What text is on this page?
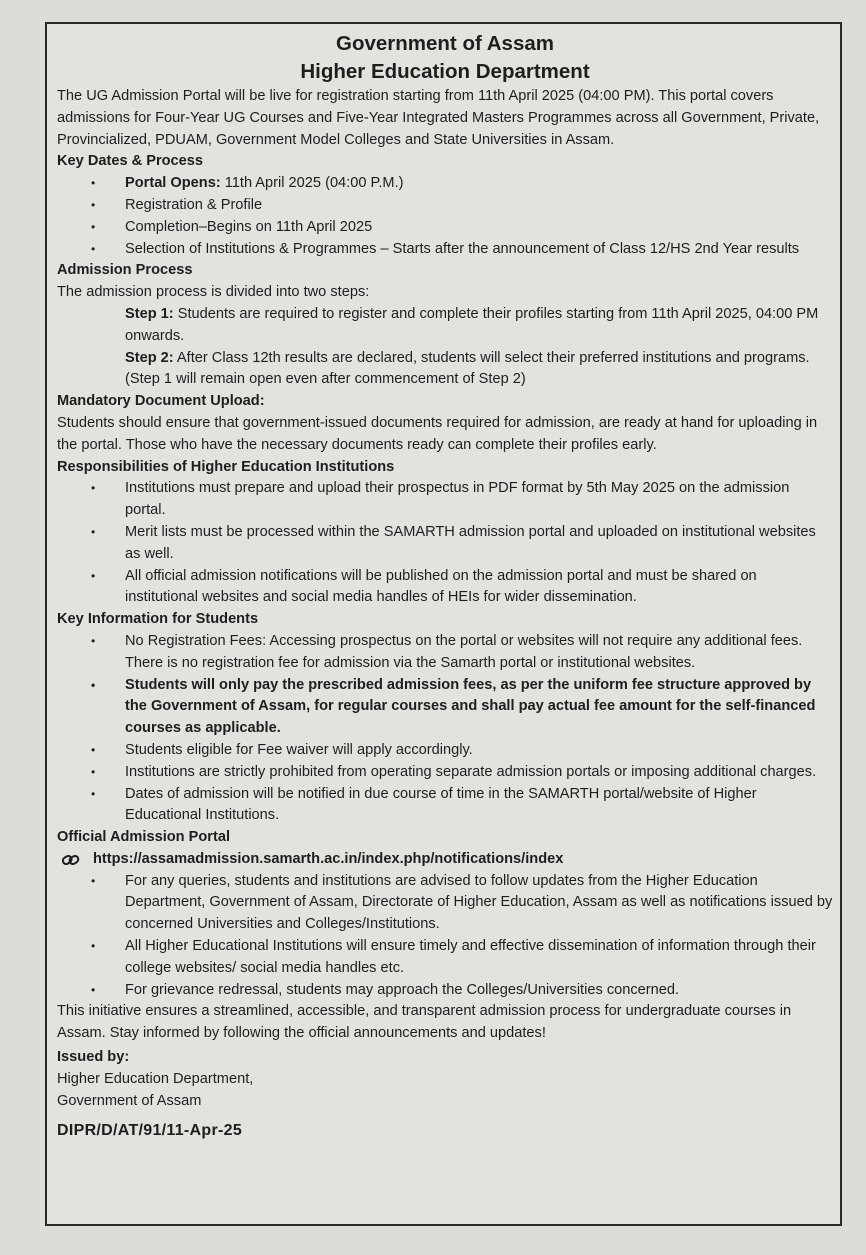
Government of Assam
Higher Education Department

The UG Admission Portal will be live for registration starting from 11th April 2025 (04:00 PM). This portal covers admissions for Four-Year UG Courses and Five-Year Integrated Masters Programmes across all Government, Private, Provincialized, PDUAM, Government Model Colleges and State Universities in Assam.

Key Dates & Process
• Portal Opens: 11th April 2025 (04:00 P.M.)
• Registration & Profile
• Completion–Begins on 11th April 2025
• Selection of Institutions & Programmes – Starts after the announcement of Class 12/HS 2nd Year results
Admission Process

The admission process is divided into two steps:

Step 1: Students are required to register and complete their profiles starting from 11th April 2025, 04:00 PM onwards.

Step 2: After Class 12th results are declared, students will select their preferred institutions and programs. (Step 1 will remain open even after commencement of Step 2)

Mandatory Document Upload:

Students should ensure that government-issued documents required for admission, are ready at hand for uploading in the portal. Those who have the necessary documents ready can complete their profiles early.

Responsibilities of Higher Education Institutions
• Institutions must prepare and upload their prospectus in PDF format by 5th May 2025 on the admission portal.
• Merit lists must be processed within the SAMARTH admission portal and uploaded on institutional websites as well.
• All official admission notifications will be published on the admission portal and must be shared on institutional websites and social media handles of HEIs for wider dissemination.
Key Information for Students
• No Registration Fees: Accessing prospectus on the portal or websites will not require any additional fees. There is no registration fee for admission via the Samarth portal or institutional websites.
• Students will only pay the prescribed admission fees, as per the uniform fee structure approved by the Government of Assam, for regular courses and shall pay actual fee amount for the self-financed courses as applicable.
• Students eligible for Fee waiver will apply accordingly.
• Institutions are strictly prohibited from operating separate admission portals or imposing additional charges.
• Dates of admission will be notified in due course of time in the SAMARTH portal/website of Higher Educational Institutions.
Official Admission Portal
https://assamadmission.samarth.ac.in/index.php/notifications/index
• For any queries, students and institutions are advised to follow updates from the Higher Education Department, Government of Assam, Directorate of Higher Education, Assam as well as notifications issued by concerned Universities and Colleges/Institutions.
• All Higher Educational Institutions will ensure timely and effective dissemination of information through their college websites/ social media handles etc.
• For grievance redressal, students may approach the Colleges/Universities concerned.

This initiative ensures a streamlined, accessible, and transparent admission process for undergraduate courses in Assam. Stay informed by following the official announcements and updates!

Issued by:
Higher Education Department,
Government of Assam
DIPR/D/AT/91/11-Apr-25
